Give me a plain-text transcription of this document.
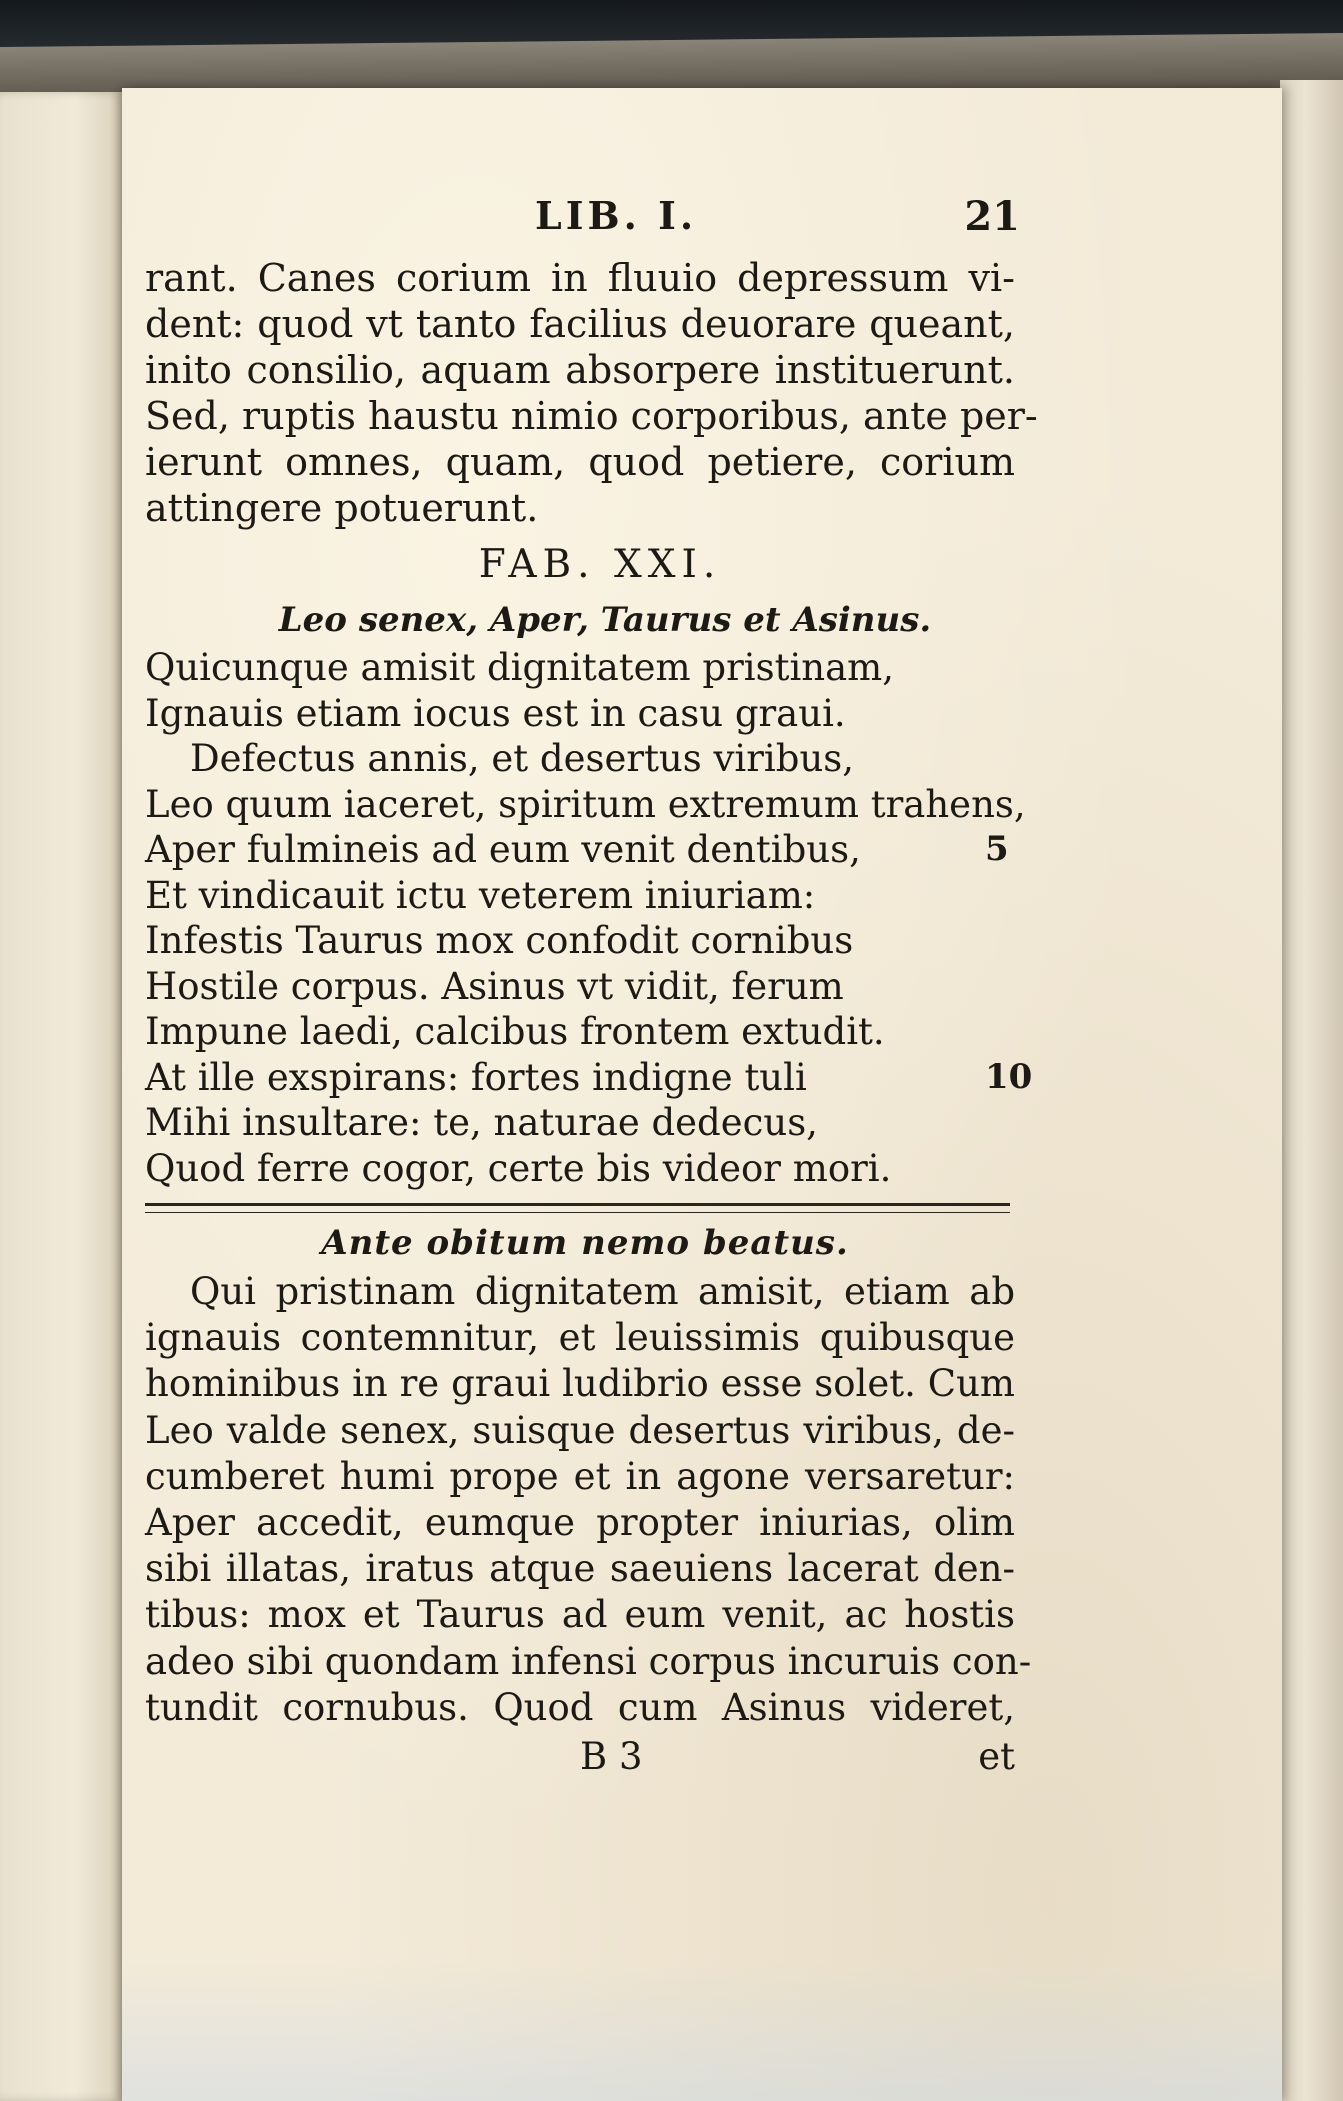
LIB. I.	21

rant. Canes corium in fluuio depressum vi-

dent: quod vt tanto facilius deuorare queant,

inito consilio, aquam absorpere instituerunt.

Sed, ruptis haustu nimio corporibus, ante per-

ierunt omnes, quam, quod petiere, corium

attingere potuerunt.

FAB. XXI.
Leo senex, Aper, Taurus et Asinus.

Quicunque amisit dignitatem pristinam,

Ignauis etiam iocus est in casu graui.

Defectus annis, et desertus viribus,

Leo quum iaceret, spiritum extremum trahens,

Aper fulmineis ad eum venit dentibus,	5

Et vindicauit ictu veterem iniuriam:

Infestis Taurus mox confodit cornibus

Hostile corpus. Asinus vt vidit, ferum

Impune laedi, calcibus frontem extudit.

At ille exspirans: fortes indigne tuli	10

Mihi insultare: te, naturae dedecus,

Quod ferre cogor, certe bis videor mori.

Ante obitum nemo beatus.

Qui pristinam dignitatem amisit, etiam ab

ignauis contemnitur, et leuissimis quibusque

hominibus in re graui ludibrio esse solet. Cum

Leo valde senex, suisque desertus viribus, de-

cumberet humi prope et in agone versaretur:

Aper accedit, eumque propter iniurias, olim

sibi illatas, iratus atque saeuiens lacerat den-

tibus: mox et Taurus ad eum venit, ac hostis

adeo sibi quondam infensi corpus incuruis con-

tundit cornubus. Quod cum Asinus videret,

B 3	et
